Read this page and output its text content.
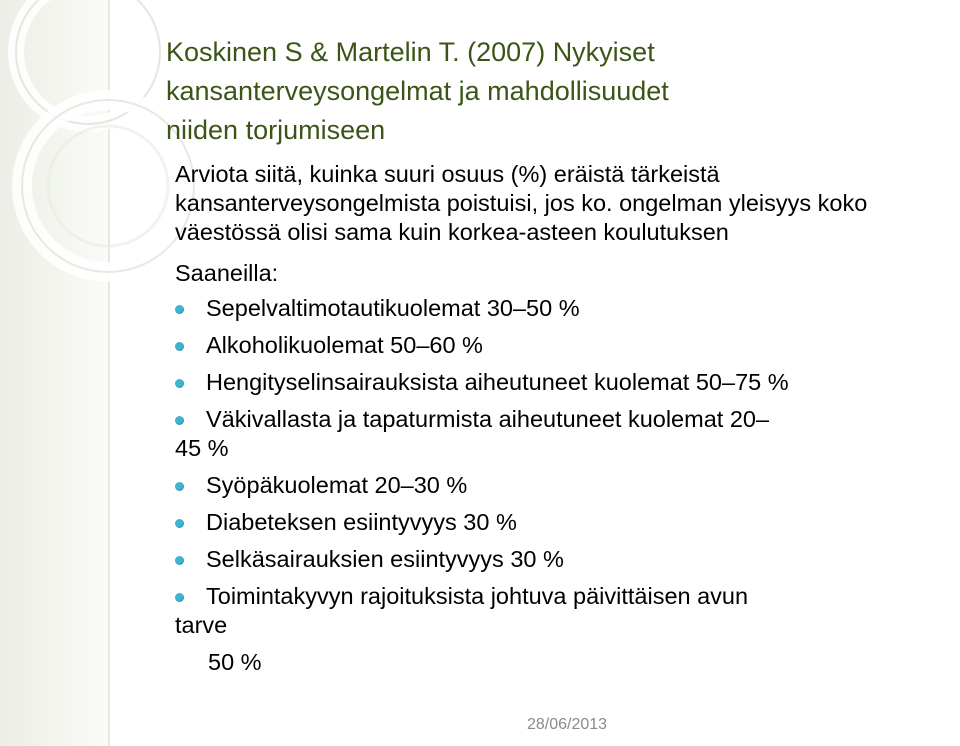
Koskinen S & Martelin T. (2007) Nykyiset
kansanterveysongelmat ja mahdollisuudet
niiden torjumiseen

Arviota siitä, kuinka suuri osuus (%) eräistä tärkeistä kansanterveysongelmista poistuisi, jos ko. ongelman yleisyys koko väestössä olisi sama kuin korkea-asteen koulutuksen

Saaneilla:

Sepelvaltimotautikuolemat 30–50 %
Alkoholikuolemat 50–60 %
Hengityselinsairauksista aiheutuneet kuolemat 50–75 %
Väkivallasta ja tapaturmista aiheutuneet kuolemat 20–
45 %
Syöpäkuolemat 20–30 %
Diabeteksen esiintyvyys 30 %
Selkäsairauksien esiintyvyys 30 %
Toimintakyvyn rajoituksista johtuva päivittäisen avun
tarve

50 %

28/06/2013
